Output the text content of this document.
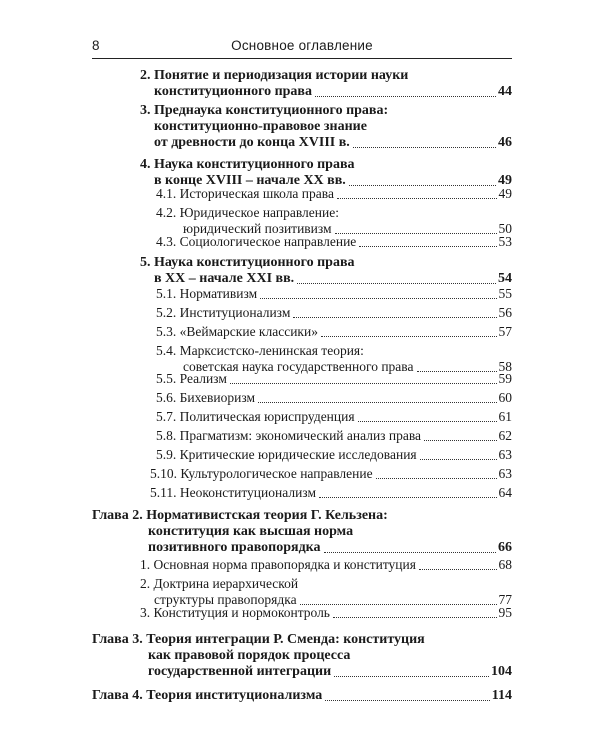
8	Основное оглавление
2. Понятие и периодизация истории науки
конституционного права	44
3. Преднаука конституционного права:
конституционно-правовое знание
от древности до конца XVIII в.	46
4. Наука конституционного права
в конце XVIII – начале XX вв.	49
4.1. Историческая школа права	49
4.2. Юридическое направление:
юридический позитивизм	50
4.3. Социологическое направление	53
5. Наука конституционного права
в XX – начале XXI вв.	54
5.1. Нормативизм	55
5.2. Институционализм	56
5.3. «Веймарские классики»	57
5.4. Марксистско-ленинская теория:
советская наука государственного права	58
5.5. Реализм	59
5.6. Бихевиоризм	60
5.7. Политическая юриспруденция	61
5.8. Прагматизм: экономический анализ права	62
5.9. Критические юридические исследования	63
5.10. Культурологическое направление	63
5.11. Неоконституционализм	64
Глава 2. Нормативистская теория Г. Кельзена:
конституция как высшая норма
позитивного правопорядка	66
1. Основная норма правопорядка и конституция	68
2. Доктрина иерархической
структуры правопорядка	77
3. Конституция и нормоконтроль	95
Глава 3. Теория интеграции Р. Сменда: конституция
как правовой порядок процесса
государственной интеграции	104
Глава 4. Теория институционализма	114
